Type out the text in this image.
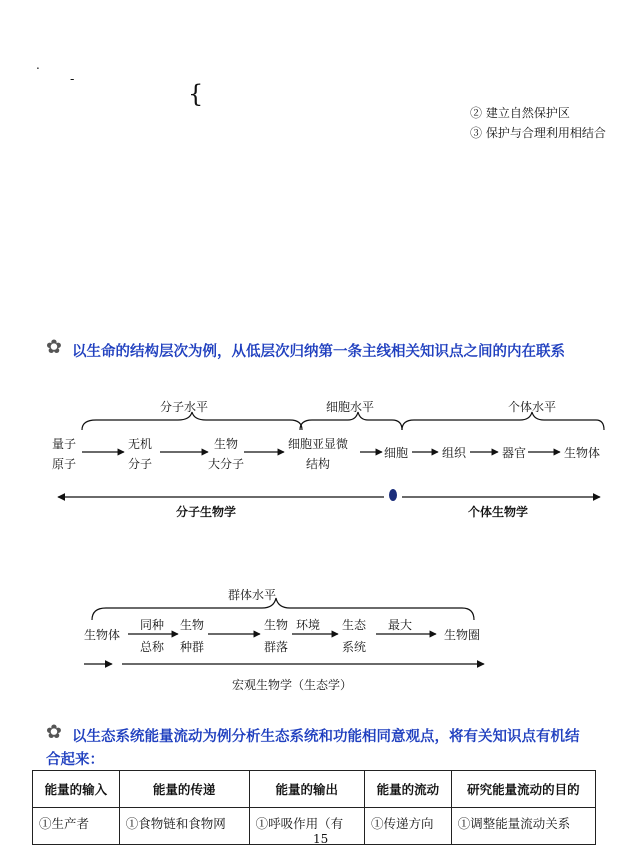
.
-
{
② 建立自然保护区
③ 保护与合理利用相结合
✿ 以生命的结构层次为例，从低层次归纳第一条主线相关知识点之间的内在联系
分子水平	细胞水平	个体水平
量子
原子
无机
分子
生物
大分子
细胞亚显微
结构
细胞	组织	器官	生物体
分子生物学	个体生物学
群体水平
生物体
同种
总称
生物
种群
生物
群落
环境 生态
系统
最大
生物圈
宏观生物学（生态学）
✿ 以生态系统能量流动为例分析生态系统和功能相同意观点，将有关知识点有机结
合起来：
能量的输入	能量的传递	能量的输出	能量的流动	研究能量流动的目的
①生产者	①食物链和食物网	①呼吸作用（有	①传递方向	①调整能量流动关系
15
